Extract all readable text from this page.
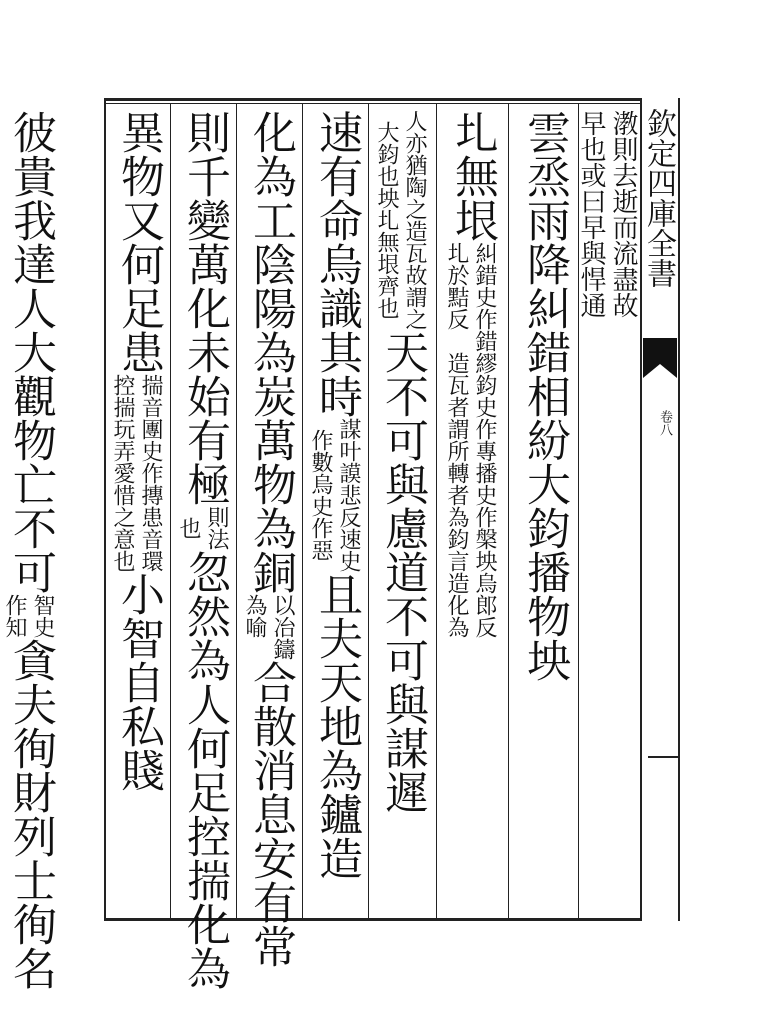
欽定四庫全書
卷八
漖則去逝而流盡故
早也或曰早與悍通
雲烝雨降糾錯相紛大鈞播物坱
圠無垠
糾錯史作錯繆鈞史作專播史作槃坱烏郎反
圠於黠反　造瓦者謂所轉者為鈞言造化為
人亦猶陶之造瓦故謂之
大鈞也坱圠無垠齊也
天不可與慮道不可與謀遲
速有命烏識其時
謀叶謨悲反速史
作數烏史作惡
且夫天地為鑪造
化為工陰陽為炭萬物為銅
以冶
為喻
鑄
合散消息安有常
則千變萬化未始有極
則法
也
忽然為人何足控揣化為
異物又何足患
揣音團史作摶患音環
控揣玩弄愛惜之意也
小智自私賤
彼貴我達人大觀物亡不可
智史
作知
貪夫徇財列士徇名
